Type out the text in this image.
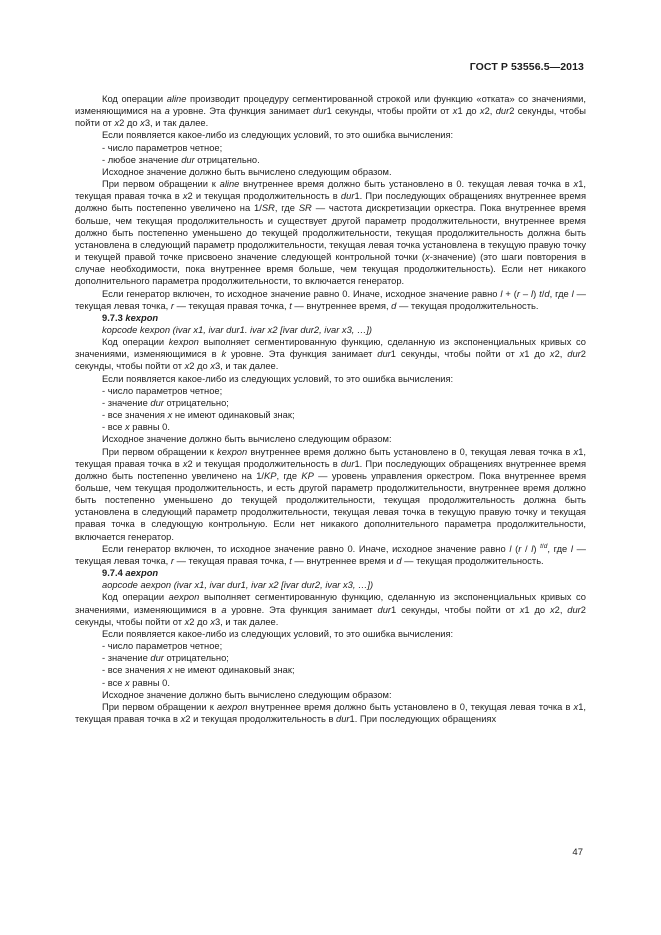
ГОСТ Р 53556.5—2013

Код операции aline производит процедуру сегментированной строкой или функцию «отката» со значениями, изменяющимися на a уровне. Эта функция занимает dur1 секунды, чтобы пройти от x1 до x2, dur2 секунды, чтобы пойти от x2 до x3, и так далее.

Если появляется какое-либо из следующих условий, то это ошибка вычисления:

- число параметров четное;

- любое значение dur отрицательно.

Исходное значение должно быть вычислено следующим образом.

При первом обращении к aline внутреннее время должно быть установлено в 0. текущая левая точка в x1, текущая правая точка в x2 и текущая продолжительность в dur1. При последующих обращениях внутреннее время должно быть постепенно увеличено на 1/SR, где SR — частота дискретизации оркестра. Пока внутреннее время больше, чем текущая продолжительность и существует другой параметр продолжительности, внутреннее время должно быть постепенно уменьшено до текущей продолжительности, текущая продолжительность должна быть установлена в следующий параметр продолжительности, текущая левая точка установлена в текущую правую точку и текущей правой точке присвоено значение следующей контрольной точки (x-значение) (это шаги повторения в случае необходимости, пока внутреннее время больше, чем текущая продолжительность). Если нет никакого дополнительного параметра продолжительности, то включается генератор.

Если генератор включен, то исходное значение равно 0. Иначе, исходное значение равно l + (r – l) t/d, где l — текущая левая точка, r — текущая правая точка, t — внутреннее время, d — текущая продолжительность.

9.7.3 kexpon

kopcode kexpon (ivar x1, ivar dur1. ivar x2 [ivar dur2, ivar x3, …])

Код операции kexpon выполняет сегментированную функцию, сделанную из экспоненциальных кривых со значениями, изменяющимися в k уровне. Эта функция занимает dur1 секунды, чтобы пойти от x1 до x2, dur2 секунды, чтобы пойти от x2 до x3, и так далее.

Если появляется какое-либо из следующих условий, то это ошибка вычисления:

- число параметров четное;

- значение dur отрицательно;

- все значения x не имеют одинаковый знак;

- все x равны 0.

Исходное значение должно быть вычислено следующим образом:

При первом обращении к kexpon внутреннее время должно быть установлено в 0, текущая левая точка в x1, текущая правая точка в x2 и текущая продолжительность в dur1. При последующих обращениях внутреннее время должно быть постепенно увеличено на 1/KP, где KP — уровень управления оркестром. Пока внутреннее время больше, чем текущая продолжительность, и есть другой параметр продолжительности, внутреннее время должно быть постепенно уменьшено до текущей продолжительности, текущая продолжительность должна быть установлена в следующий параметр продолжительности, текущая левая точка в текущую правую точку и текущая правая точка в следующую контрольную. Если нет никакого дополнительного параметра продолжительности, включается генератор.

Если генератор включен, то исходное значение равно 0. Иначе, исходное значение равно l (r / l) $^{t/d}$, где l — текущая левая точка, r — текущая правая точка, t — внутреннее время и d — текущая продолжительность.

9.7.4 aexpon

aopcode aexpon (ivar x1, ivar dur1, ivar x2 [ivar dur2, ivar x3, …])

Код операции aexpon выполняет сегментированную функцию, сделанную из экспоненциальных кривых со значениями, изменяющимися в a уровне. Эта функция занимает dur1 секунды, чтобы пойти от x1 до x2, dur2 секунды, чтобы пойти от x2 до x3, и так далее.

Если появляется какое-либо из следующих условий, то это ошибка вычисления:

- число параметров четное;

- значение dur отрицательно;

- все значения x не имеют одинаковый знак;

- все x равны 0.

Исходное значение должно быть вычислено следующим образом:

При первом обращении к aexpon внутреннее время должно быть установлено в 0, текущая левая точка в x1, текущая правая точка в x2 и текущая продолжительность в dur1. При последующих обращениях

47
